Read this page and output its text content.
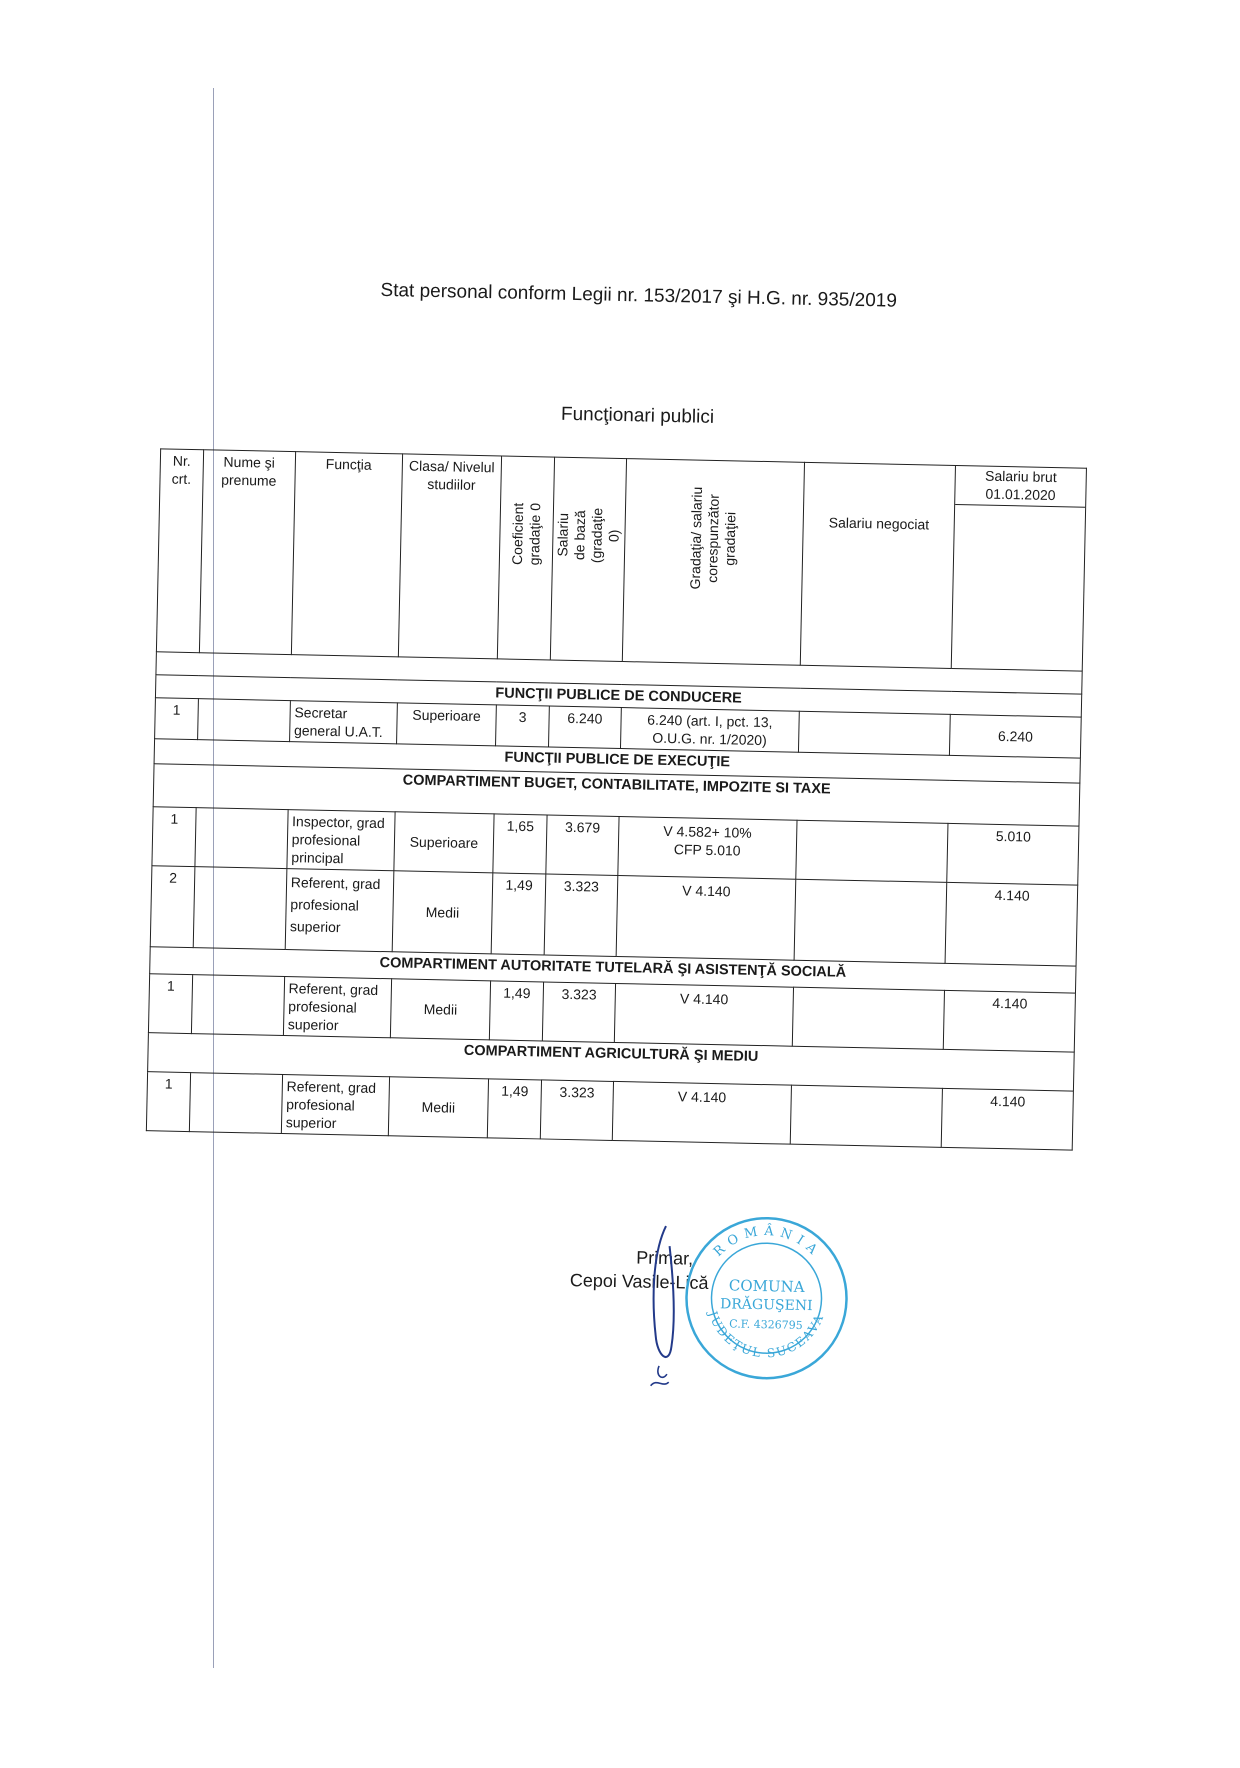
Stat personal conform Legii nr. 153/2017 şi H.G. nr. 935/2019
Funcţionari publici
Nr. crt.	Nume şi prenume	Funcţia	Clasa/ Nivelul studiilor	Coeficient gradaţie 0	Salariu de bază (gradaţie 0)	Gradaţia/ salariu corespunzător gradaţiei	Salariu negociat	Salariu brut
01.01.2020

FUNCŢII PUBLICE DE CONDUCERE								
1		Secretar general U.A.T.	Superioare	3	6.240	6.240 (art. I, pct. 13, O.U.G. nr. 1/2020)		6.240
FUNCŢII PUBLICE DE EXECUŢIE								
COMPARTIMENT BUGET, CONTABILITATE, IMPOZITE SI TAXE								
1		Inspector, grad profesional principal	Superioare	1,65	3.679	V 4.582+ 10% CFP 5.010		5.010
2		Referent, grad profesional superior	Medii	1,49	3.323	V 4.140		4.140
COMPARTIMENT AUTORITATE TUTELARĂ ŞI ASISTENŢĂ SOCIALĂ								
1		Referent, grad profesional superior	Medii	1,49	3.323	V 4.140		4.140
COMPARTIMENT AGRICULTURĂ ŞI MEDIU								
1		Referent, grad profesional superior	Medii	1,49	3.323	V 4.140		4.140
Primar,
Cepoi Vasile-Lică
ROMÂNIA
JUDEŢUL SUCEAVA
COMUNA
DRĂGUŞENI
C.F. 4326795
